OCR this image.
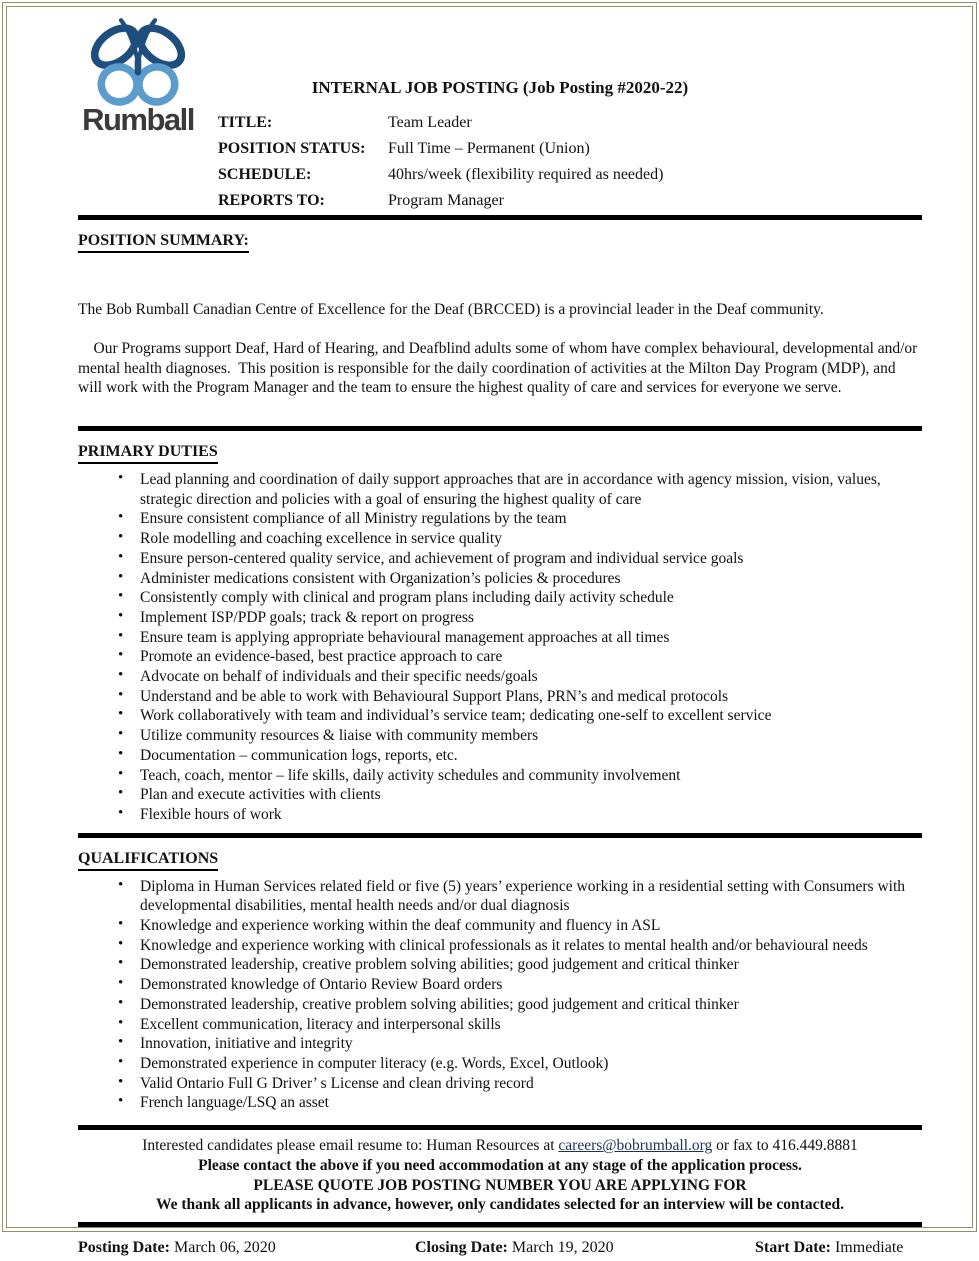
Rumball
INTERNAL JOB POSTING (Job Posting #2020-22)
TITLE:	Team Leader
POSITION STATUS:	Full Time – Permanent (Union)
SCHEDULE:	40hrs/week (flexibility required as needed)
REPORTS TO:	Program Manager
POSITION SUMMARY:

The Bob Rumball Canadian Centre of Excellence for the Deaf (BRCCED) is a provincial leader in the Deaf community.

Our Programs support Deaf, Hard of Hearing, and Deafblind adults some of whom have complex behavioural, developmental and/or mental health diagnoses.  This position is responsible for the daily coordination of activities at the Milton Day Program (MDP), and will work with the Program Manager and the team to ensure the highest quality of care and services for everyone we serve.

PRIMARY DUTIES
• Lead planning and coordination of daily support approaches that are in accordance with agency mission, vision, values, strategic direction and policies with a goal of ensuring the highest quality of care
• Ensure consistent compliance of all Ministry regulations by the team
• Role modelling and coaching excellence in service quality
• Ensure person-centered quality service, and achievement of program and individual service goals
• Administer medications consistent with Organization’s policies & procedures
• Consistently comply with clinical and program plans including daily activity schedule
• Implement ISP/PDP goals; track & report on progress
• Ensure team is applying appropriate behavioural management approaches at all times
• Promote an evidence-based, best practice approach to care
• Advocate on behalf of individuals and their specific needs/goals
• Understand and be able to work with Behavioural Support Plans, PRN’s and medical protocols
• Work collaboratively with team and individual’s service team; dedicating one-self to excellent service
• Utilize community resources & liaise with community members
• Documentation – communication logs, reports, etc.
• Teach, coach, mentor – life skills, daily activity schedules and community involvement
• Plan and execute activities with clients
• Flexible hours of work
QUALIFICATIONS
• Diploma in Human Services related field or five (5) years’ experience working in a residential setting with Consumers with developmental disabilities, mental health needs and/or dual diagnosis
• Knowledge and experience working within the deaf community and fluency in ASL
• Knowledge and experience working with clinical professionals as it relates to mental health and/or behavioural needs
• Demonstrated leadership, creative problem solving abilities; good judgement and critical thinker
• Demonstrated knowledge of Ontario Review Board orders
• Demonstrated leadership, creative problem solving abilities; good judgement and critical thinker
• Excellent communication, literacy and interpersonal skills
• Innovation, initiative and integrity
• Demonstrated experience in computer literacy (e.g. Words, Excel, Outlook)
• Valid Ontario Full G Driver’ s License and clean driving record
• French language/LSQ an asset
Interested candidates please email resume to: Human Resources at careers@bobrumball.org or fax to 416.449.8881
Please contact the above if you need accommodation at any stage of the application process.
PLEASE QUOTE JOB POSTING NUMBER YOU ARE APPLYING FOR
We thank all applicants in advance, however, only candidates selected for an interview will be contacted.
Posting Date: March 06, 2020	Closing Date: March 19, 2020	Start Date: Immediate
